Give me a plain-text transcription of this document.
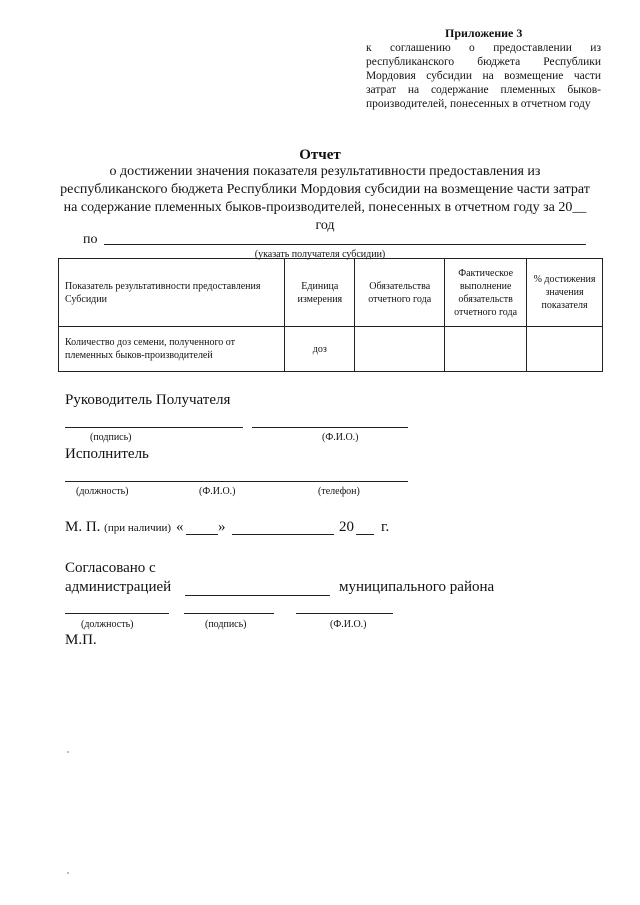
Приложение 3
к соглашению о предоставлении из республиканского бюджета Республики Мордовия субсидии на возмещение части затрат на содержание племенных быков-производителей, понесенных в отчетном году
Отчет
о достижении значения показателя результативности предоставления из республиканского бюджета Республики Мордовия субсидии на возмещение части затрат на содержание племенных быков-производителей, понесенных в отчетном году за 20__ год
по
(указать получателя субсидии)
Показатель результативности предоставления Субсидии	Единица измерения	Обязательства отчетного года	Фактическое выполнение обязательств отчетного года	% достижения значения показателя
Количество доз семени, полученного от племенных быков-производителей	доз			
Руководитель Получателя
(подпись)	(Ф.И.О.)
Исполнитель
(должность)	(Ф.И.О.)	(телефон)
М. П. (при наличии) « »	20 г.
Согласовано с
администрацией	муниципального района
(должность)	(подпись)	(Ф.И.О.)
М.П.
